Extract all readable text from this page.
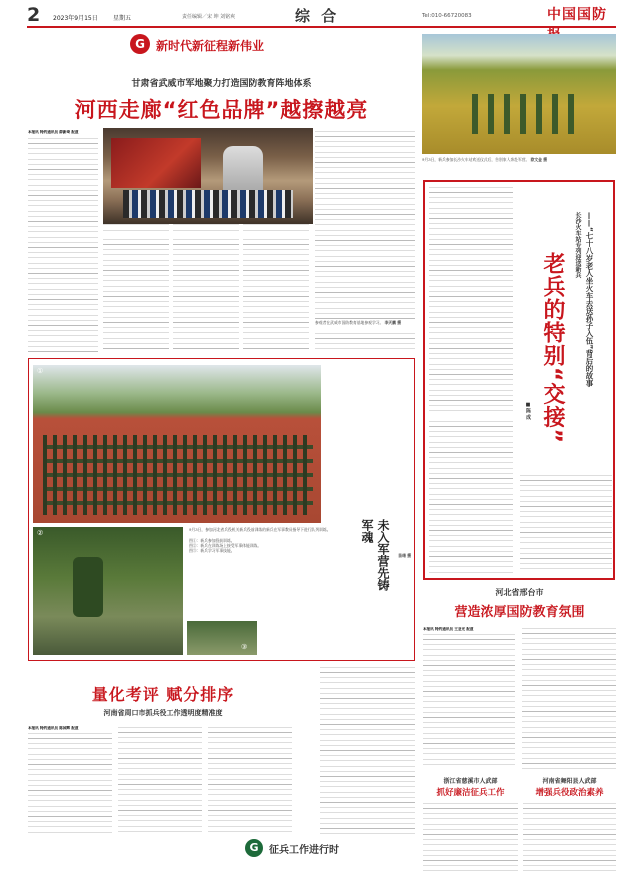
2 2023年9月15日	星期五	责任编辑／宋 坤 刘铭爽	综 合	Tel:010-66720083	中国国防
G 新时代新征程新伟业
甘肃省武威市军地聚力打造国防教育阵地体系
河西走廊“红色品牌”越擦越亮
本报讯 特约通讯员 薛新琦 报道
参观者在武威市国防教育基地参观学习。 李天鹏 摄
9月3日，新兵参加长沙火车站欢送仪式后，告别家人奔赴军营。 欧文金 摄
——“七十八岁老人坐火车去送孙子入伍”背后的故事
长沙火车站专列迎送新兵
老兵的特别“交接”
■陈 成
①
未入军营先铸军魂
②
③
9月3日，参加河北省兵役机关新兵役前训练的新兵在军事教员指导下进行队列训练。
图①：新兵参加役前训练。
图②：新兵在训练场上接受军事体能训练。
图③：新兵学习军事技能。
苗绪 摄
河北省邢台市
营造浓厚国防教育氛围
本报讯 特约通讯员 王亚光 报道
量化考评 赋分排序
河南省周口市抓兵役工作透明度精准度
本报讯 特约通讯员 陈国辉 报道
G	征兵工作进行时
浙江省慈溪市人武部
抓好廉洁征兵工作
河南省舞阳县人武部
增强兵役政治素养
